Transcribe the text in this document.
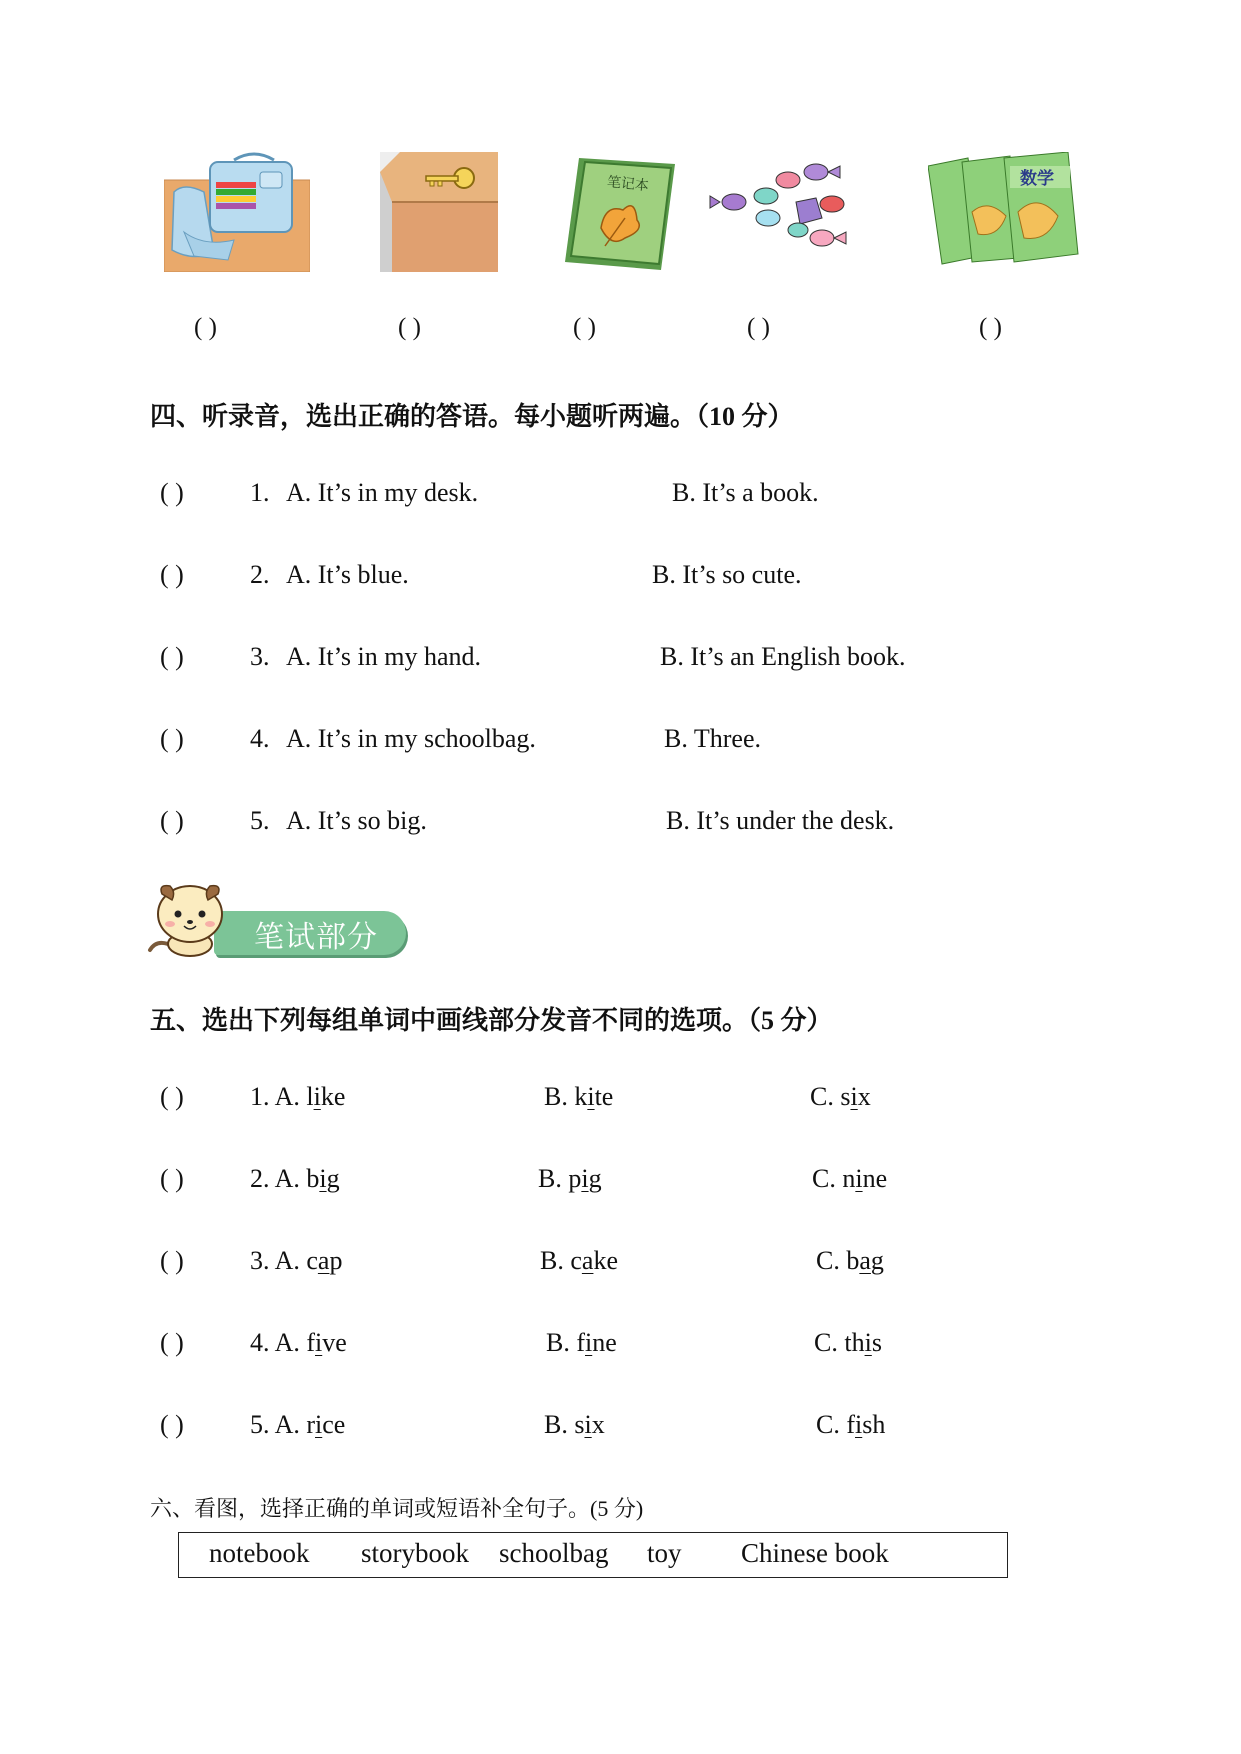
笔记本	数学
( )	( )	( )	( )	( )
四、听录音，选出正确的答语。每小题听两遍。（10 分）
( )	1. A. It’s in my desk.	B. It’s a book.
( )	2. A. It’s blue.	B. It’s so cute.
( )	3. A. It’s in my hand.	B. It’s an English book.
( )	4. A. It’s in my schoolbag.	B. Three.
( )	5. A. It’s so big.	B. It’s under the desk.
笔试部分
五、选出下列每组单词中画线部分发音不同的选项。（5 分）
( )	1. A. like	B. kite	C. six
( )	2. A. big	B. pig	C. nine
( )	3. A. cap	B. cake	C. bag
( )	4. A. five	B. fine	C. this
( )	5. A. rice	B. six	C. fish
六、看图，选择正确的单词或短语补全句子。(5 分)
notebook storybook schoolbag toy Chinese book
